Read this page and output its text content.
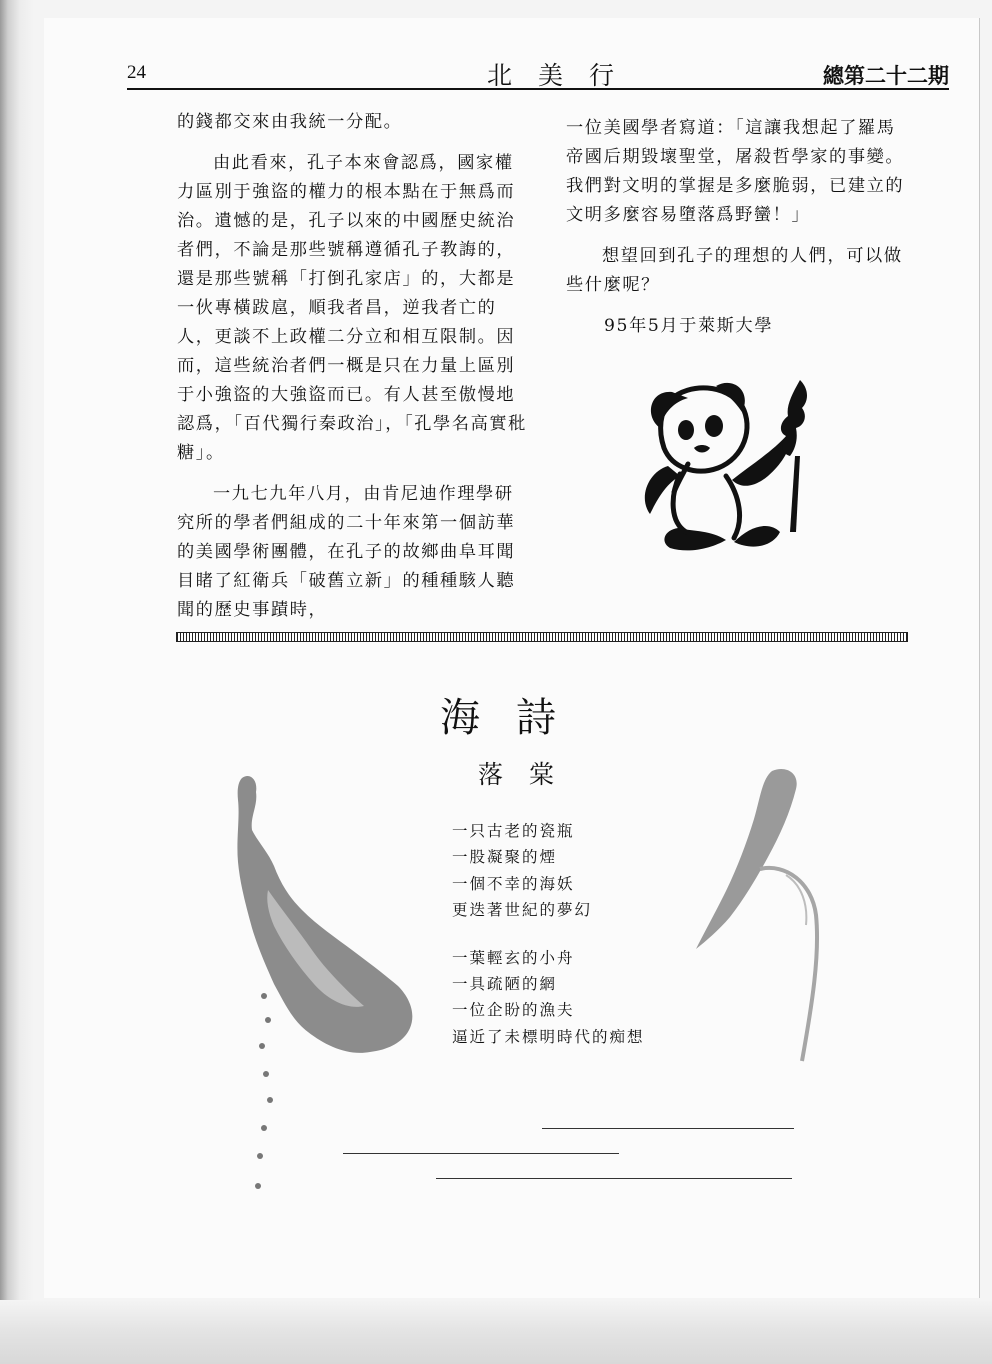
24	北美行	總第二十二期

的錢都交來由我統一分配。

由此看來，孔子本來會認爲，國家權力區別于強盜的權力的根本點在于無爲而治。遺憾的是，孔子以來的中國歷史統治者們，不論是那些號稱遵循孔子教誨的，還是那些號稱「打倒孔家店」的，大都是一伙專橫跋扈，順我者昌，逆我者亡的人，更談不上政權二分立和相互限制。因而，這些統治者們一概是只在力量上區別于小強盜的大強盜而已。有人甚至傲慢地認爲，「百代獨行秦政治」，「孔學名高實秕糖」。

一九七九年八月，由肯尼迪作理學研究所的學者們組成的二十年來第一個訪華的美國學術團體，在孔子的故鄉曲阜耳聞目睹了紅衛兵「破舊立新」的種種駭人聽聞的歷史事蹟時，

一位美國學者寫道：「這讓我想起了羅馬帝國后期毀壞聖堂，屠殺哲學家的事變。我們對文明的掌握是多麼脆弱，已建立的文明多麼容易墮落爲野蠻！」

想望回到孔子的理想的人們，可以做些什麼呢？

95年5月于萊斯大學

海詩
落棠
一只古老的瓷瓶
一股凝聚的煙
一個不幸的海妖
更迭著世紀的夢幻
一葉輕玄的小舟
一具疏陋的網
一位企盼的漁夫
逼近了未標明時代的痴想
